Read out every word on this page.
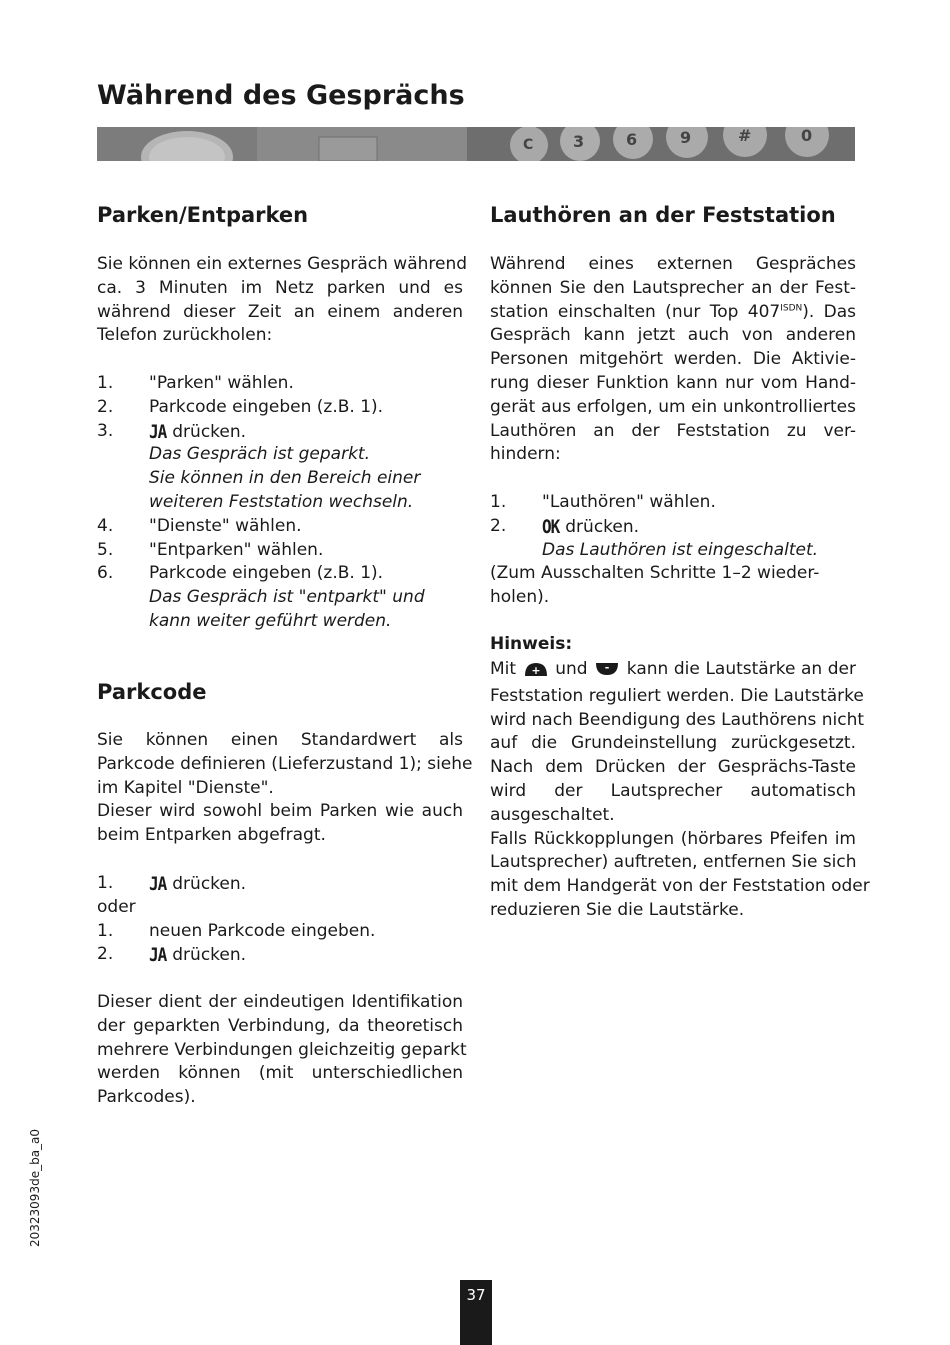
Während des Gesprächs
C 3	6	9	#	0
Parken/Entparken
Sie können ein externes Gespräch während
ca. 3 Minuten im Netz parken und es
während dieser Zeit an einem anderen
Telefon zurückholen:
1. "Parken" wählen.
2. Parkcode eingeben (z.B. 1).
3. JA drücken.
Das Gespräch ist geparkt.
Sie können in den Bereich einer
weiteren Feststation wechseln.
4. "Dienste" wählen.
5. "Entparken" wählen.
6. Parkcode eingeben (z.B. 1).
Das Gespräch ist "entparkt" und
kann weiter geführt werden.
Parkcode
Sie können einen Standardwert als
Parkcode definieren (Lieferzustand 1); siehe
im Kapitel "Dienste".
Dieser wird sowohl beim Parken wie auch
beim Entparken abgefragt.
1. JA drücken.
oder
1. neuen Parkcode eingeben.
2. JA drücken.
Dieser dient der eindeutigen Identifikation
der geparkten Verbindung, da theoretisch
mehrere Verbindungen gleichzeitig geparkt
werden können (mit unterschiedlichen
Parkcodes).
Lauthören an der Feststation
Während eines externen Gespräches
können Sie den Lautsprecher an der Fest-
station einschalten (nur Top $407^{ISDN}$). Das
Gespräch kann jetzt auch von anderen
Personen mitgehört werden. Die Aktivie-
rung dieser Funktion kann nur vom Hand-
gerät aus erfolgen, um ein unkontrolliertes
Lauthören an der Feststation zu ver-
hindern:
1. "Lauthören" wählen.
2. OK drücken.
Das Lauthören ist eingeschaltet.
(Zum Ausschalten Schritte 1–2 wieder-
holen).
Hinweis:
Mit + und - kann die Lautstärke an der
Feststation reguliert werden. Die Lautstärke
wird nach Beendigung des Lauthörens nicht
auf die Grundeinstellung zurückgesetzt.
Nach dem Drücken der Gesprächs-Taste
wird der Lautsprecher automatisch
ausgeschaltet.
Falls Rückkopplungen (hörbares Pfeifen im
Lautsprecher) auftreten, entfernen Sie sich
mit dem Handgerät von der Feststation oder
reduzieren Sie die Lautstärke.
20323093de_ba_a0
37
